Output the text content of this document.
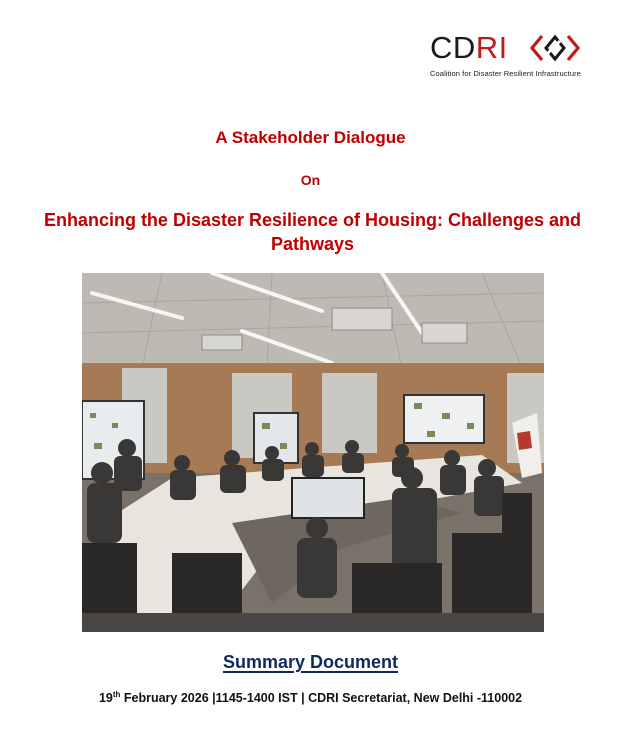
CDRI
Coalition for Disaster Resilient Infrastructure
A Stakeholder Dialogue
On
Enhancing the Disaster Resilience of Housing: Challenges and Pathways
Summary Document
19th February 2026 |1145-1400 IST | CDRI Secretariat, New Delhi -110002
